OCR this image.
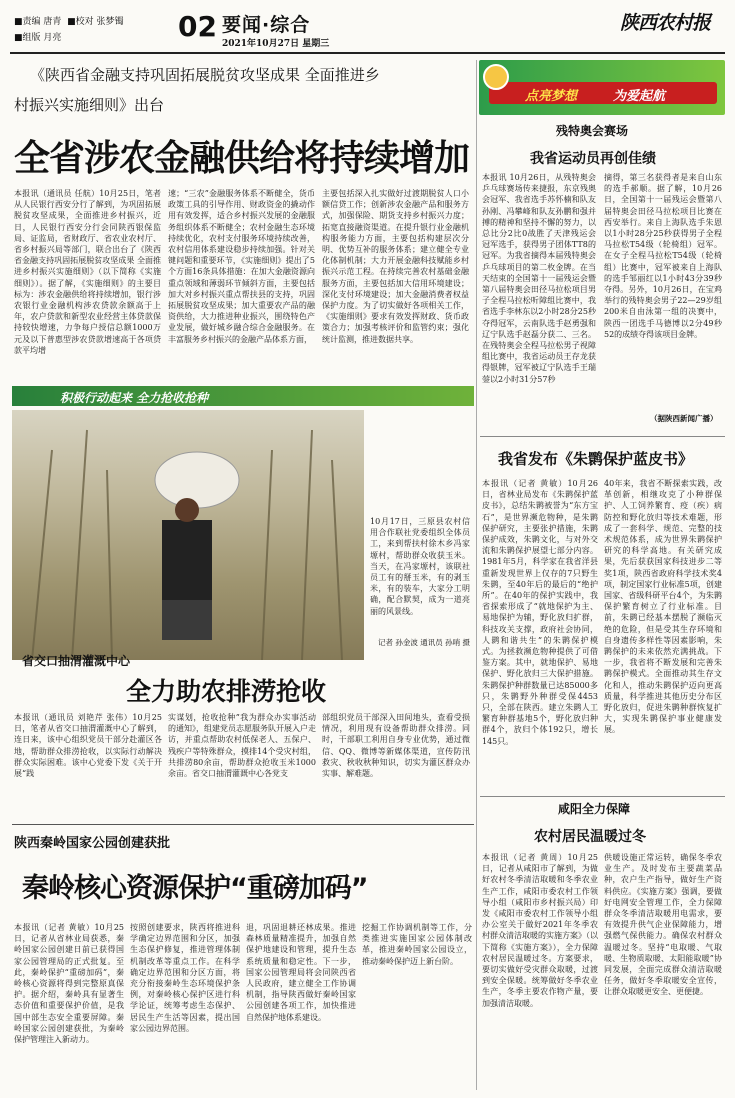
■责编 唐青 ■校对 张梦镯
■组版 月亮	02 要闻·综合
2021年10月27日 星期三
陕西农村报
《陕西省金融支持巩固拓展脱贫攻坚成果 全面推进乡
村振兴实施细则》出台
全省涉农金融供给将持续增加
本报讯（通讯员 任航）10月25日，笔者从人民银行西安分行了解到，为巩固拓展脱贫攻坚成果，全面推进乡村振兴，近日，人民银行西安分行会同陕西银保监局、证监局，省财政厅、省农业农村厅、省乡村振兴局等部门，联合出台了《陕西省金融支持巩固拓展脱贫攻坚成果 全面推进乡村振兴实施细则》（以下简称《实施细则》）。据了解，《实施细则》的主要目标为：涉农金融供给将持续增加，银行涉农银行业金融机构涉农贷款余额高于上年，农户贷款和新型农业经营主体贷款保持较快增速，力争每户授信总额1000万元及以下普惠型涉农贷款增速高于各项贷款平均增
速；“三农”金融服务体系不断健全，货币政策工具的引导作用、财政资金的撬动作用有效发挥，适合乡村振兴发展的金融服务组织体系不断健全；农村金融生态环境持续优化，农村支付服务环境持续改善，农村信用体系建设稳步持续加强。针对关键问题和重要环节，《实施细则》提出了5个方面16条具体措施：在加大金融资源向重点领域和薄弱环节倾斜方面，主要包括加大对乡村振兴重点帮扶县的支持，巩固拓展脱贫攻坚成果；加大重要农产品的融资供给，大力推进种业振兴，围绕特色产业发展，做好城乡融合综合金融服务。在丰富服务乡村振兴的金融产品体系方面，
主要包括深入扎实做好过渡期脱贫人口小额信贷工作；创新涉农金融产品和服务方式，加强保险、期货支持乡村振兴力度；拓宽直接融资渠道。在提升银行业金融机构服务能力方面，主要包括构建层次分明、优势互补的服务体系；建立健全专业化体制机制；大力开展金融科技赋能乡村振兴示范工程。在持续完善农村基础金融服务方面，主要包括加大信用环境建设；深化支付环境建设；加大金融消费者权益保护力度。为了切实做好各项相关工作，《实施细则》要求有效发挥财政、货币政策合力；加强考核评价和监管约束；强化统计监测，推进数据共享。
点亮梦想	为爱起航
残特奥会赛场
我省运动员再创佳绩
本报讯 10月26日，从残特奥会乒乓球赛场传来捷报，东京残奥会冠军、我省选手苏怀楠和队友孙刚、冯攀峰和队友孙鹏和强并搏的精神和坚持不懈的努力，以总比分2比0战胜了天津残运会冠军选手，获得男子团体TT8的冠军。为我省摘得本届残特奥会乒乓球项目的第二枚金牌。在当天结束的全国第十一届残运会暨第八届特奥会田径马拉松项目男子全程马拉松听障组比赛中，我省选手李林东以2小时28分25秒夺得冠军，云南队选手赵勇强和辽宁队选手赵磊分获二、三名。在残特奥会全程马拉松男子视障组比赛中，我省运动员王存龙获得银牌，冠军被辽宁队选手王瑞蓥以2小时31分57秒
摘得，第三名获得者是来自山东的选手郝顺。据了解，10月26日，全国第十一届残运会暨第八届特奥会田径马拉松项目比赛在西安举行。来自上海队选手朱恩以1小时28分25秒获得男子全程马拉松T54级（轮椅组）冠军。在女子全程马拉松T54级（轮椅组）比赛中，冠军被来自上海队的选手邹丽红以1小时43分39秒夺得。另外，10月26日，在宝鸡举行的残特奥会男子22—29岁组200米自由泳第一组的决赛中，陕西一团选手马德博以2分49秒52的成绩夺得该项目金牌。
（据陕西新闻广播）
积极行动起来 全力抢收抢种
10月17日，三原县农村信用合作联社党委组织全体员工，来到帮扶村徐木乡冯家塬村，帮助群众收获玉米。当天，在冯家塬村，该联社员工有的掰玉米，有的剥玉米，有的装车，大家分工明确，配合默契，成为一道亮丽的风景线。
记者 孙金波 通讯员 孙哨 摄
省交口抽渭灌溉中心
全力助农排涝抢收
本报讯（通讯员 刘艳芹 张伟）10月25日，笔者从省交口抽渭灌溉中心了解到，连日来，该中心组织党员干部分赴灌区各地，帮助群众排涝抢收，以实际行动解决群众实际困难。该中心党委下发《关于开展“践
实谋划，抢收抢种”我为群众办实事活动的通知》，组建党员志愿服务队开展入户走访，并重点帮助农村低保老人、五保户、残疾户等特殊群众，摸排14个受灾村组，共排涝80余亩，帮助群众抢收玉米1000余亩。省交口抽渭灌溉中心各党支
部组织党员干部深入田间地头，查看受损情况，利用现有设备帮助群众排涝。同时，干部职工利用自身专业优势，通过微信、QQ、微博等新媒体渠道，宣传防汛救灾、秋收秋种知识，切实为灌区群众办实事、解难题。
我省发布《朱鹮保护蓝皮书》
本报讯（记者 黄敏）10月26日，省林业局发布《朱鹮保护蓝皮书》，总结朱鹮被誉为“东方宝石”，是世界濒危物种，是朱鹮保护研究，主要张护措施，朱鹮保护成效，朱鹮文化，与对外交流和朱鹮保护展望七部分内容。1981年5月，科学家在我省洋县重新发现世界上仅存的7只野生朱鹮，至40年后的最后的“绝护所”。在40年的保护实践中，我省探索形成了“就地保护为主、易地保护为辅，野化放归扩群，科技攻关支撑，政府社会协同，人鹮和谐共生”的朱鹮保护模式。为拯救濒危物种提供了可借鉴方案。其中，就地保护、易地保护、野化放归三大保护措施。朱鹮保护种群数量已达85000多只，朱鹮野外种群受保4453只，全部在陕西。建立朱鹮人工繁育种群基地5个，野化放归种群4个，放归个体192只，增长145只。
40年来，我省不断探索实践，改革创新，相继攻克了小种群保护、人工饲养繁育、疫（疾）病防控和野化放归等技术难题，形成了一套科学、规范、完整的技术规范体系，成为世界朱鹮保护研究的科学高地。有关研究成果，先后获获国家科技进步二等奖1项，陕西省政府科学技术奖4项，制定国家行业标准5项，创建国家、省级科研平台4个，为朱鹮保护繁育树立了行业标准。目前，朱鹮已经基本摆脱了濒临灭绝的危险，但是受其生存环境和自身遗传多样性等因素影响，朱鹮保护的未来依然充满挑战。下一步，我省将不断发展和完善朱鹮保护模式。全面推动其生存文化和人，推动朱鹮保护迈向更高质量，科学推进其他历史分布区野化放归，促进朱鹮种群恢复扩大，实现朱鹮保护事业健康发展。
咸阳全力保障
农村居民温暖过冬
本报讯（记者 黄周）10月25日，记者从咸阳市了解到，为做好农村冬季清洁取暖和冬季农业生产工作，咸阳市委农村工作领导小组（咸阳市乡村振兴局）印发《咸阳市委农村工作领导小组办公室关于做好2021年冬季农村群众清洁取暖的实施方案》（以下简称《实施方案》），全力保障农村居民温暖过冬。方案要求，要切实做好受灾群众取暖，过渡到安全保暖。统筹做好冬季农业生产，冬季主要农作物产量，要加强清洁取暖。
供暖设施正常运转，确保冬季农业生产。及时发布主要蔬菜品种，农户生产指导，做好生产资料供应。《实施方案》强调，要做好电网安全管理工作，全力保障群众冬季清洁取暖用电需求，要有效提升供气企业保障能力，增强燃气保供能力。确保农村群众温暖过冬。坚持“电取暖、气取暖、生物质取暖、太阳能取暖”协同发展，全面完成群众清洁取暖任务，做好冬季取暖安全宣传，让群众取暖更安全、更便捷。
陕西秦岭国家公园创建获批
秦岭核心资源保护“重磅加码”
本报讯（记者 黄敏）10月25日，记者从省林业局获悉，秦岭国家公园创建日前已获得国家公园管理局的正式批复。至此，秦岭保护“重磅加码”，秦岭核心资源将得到完整原真保护。据介绍，秦岭具有显著生态价值和重要保护价值，是我国中部生态安全重要屏障。秦岭国家公园创建获批，为秦岭保护管理注入新动力。
按照创建要求，陕西将推进科学确定边界范围和分区，加强生态保护修复，推进管理体制机制改革等重点工作。在科学确定边界范围和分区方面，将充分衔接秦岭生态环境保护条例，对秦岭核心保护区进行科学论证，统筹考虑生态保护、居民生产生活等因素，提出国家公园边界范围。
退，巩固退耕还林成果。推进森林质量精准提升，加强自然保护地建设和管理，提升生态系统质量和稳定性。下一步，国家公园管理局将会同陕西省人民政府，建立健全工作协调机制，指导陕西做好秦岭国家公园创建各项工作，加快推进自然保护地体系建设。
挖掘工作协调机制等工作，分类推进实施国家公园体制改革，推进秦岭国家公园设立，推动秦岭保护迈上新台阶。
